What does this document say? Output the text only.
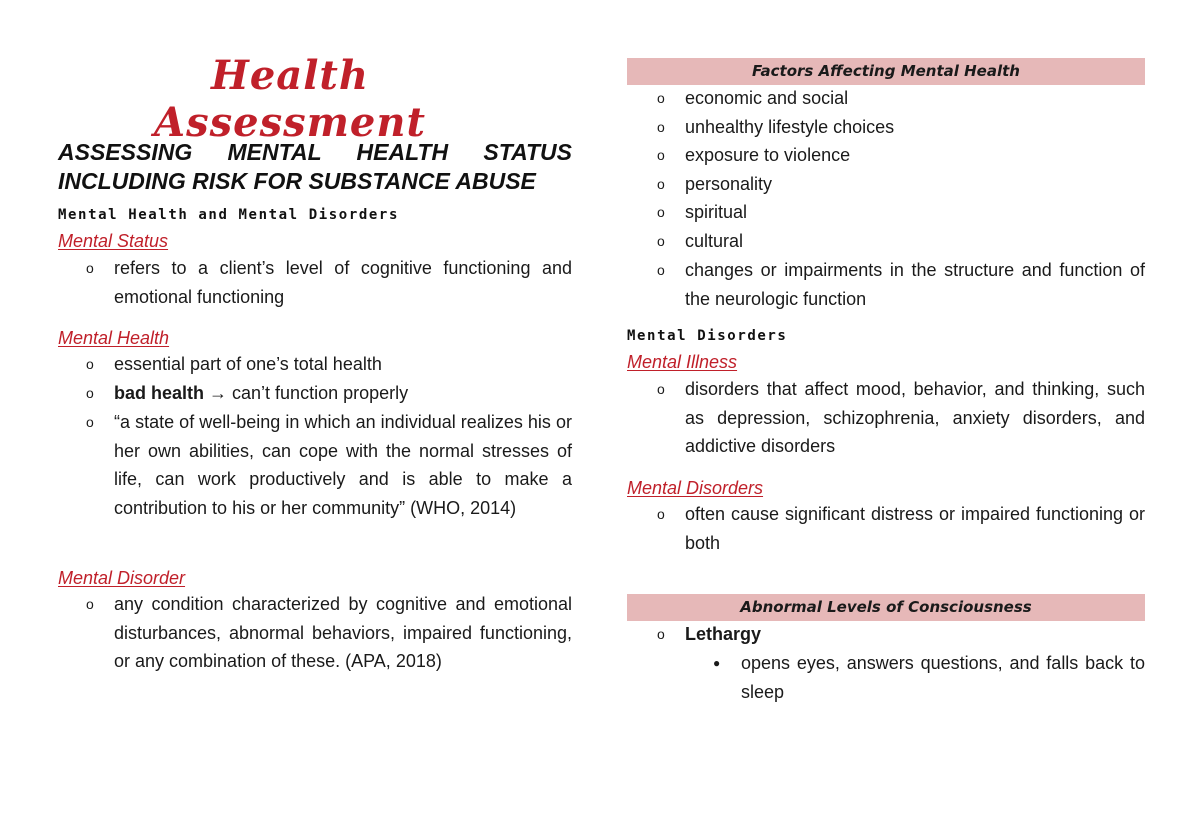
Health Assessment
ASSESSING MENTAL HEALTH STATUS INCLUDING RISK FOR SUBSTANCE ABUSE
Mental Health and Mental Disorders
Mental Status
o	refers to a client’s level of cognitive functioning and emotional functioning
Mental Health
o	essential part of one’s total health
o	bad health → can’t function properly
o	“a state of well-being in which an individual realizes his or her own abilities, can cope with the normal stresses of life, can work productively and is able to make a contribution to his or her community” (WHO, 2014)
Mental Disorder
o	any condition characterized by cognitive and emotional disturbances, abnormal behaviors, impaired functioning, or any combination of these. (APA, 2018)
Factors Affecting Mental Health
o	economic and social
o	unhealthy lifestyle choices
o	exposure to violence
o	personality
o	spiritual
o	cultural
o	changes or impairments in the structure and function of the neurologic function
Mental Disorders
Mental Illness
o	disorders that affect mood, behavior, and thinking, such as depression, schizophrenia, anxiety disorders, and addictive disorders
Mental Disorders
o	often cause significant distress or impaired functioning or both
Abnormal Levels of Consciousness
o	Lethargy
●	opens eyes, answers questions, and falls back to sleep
